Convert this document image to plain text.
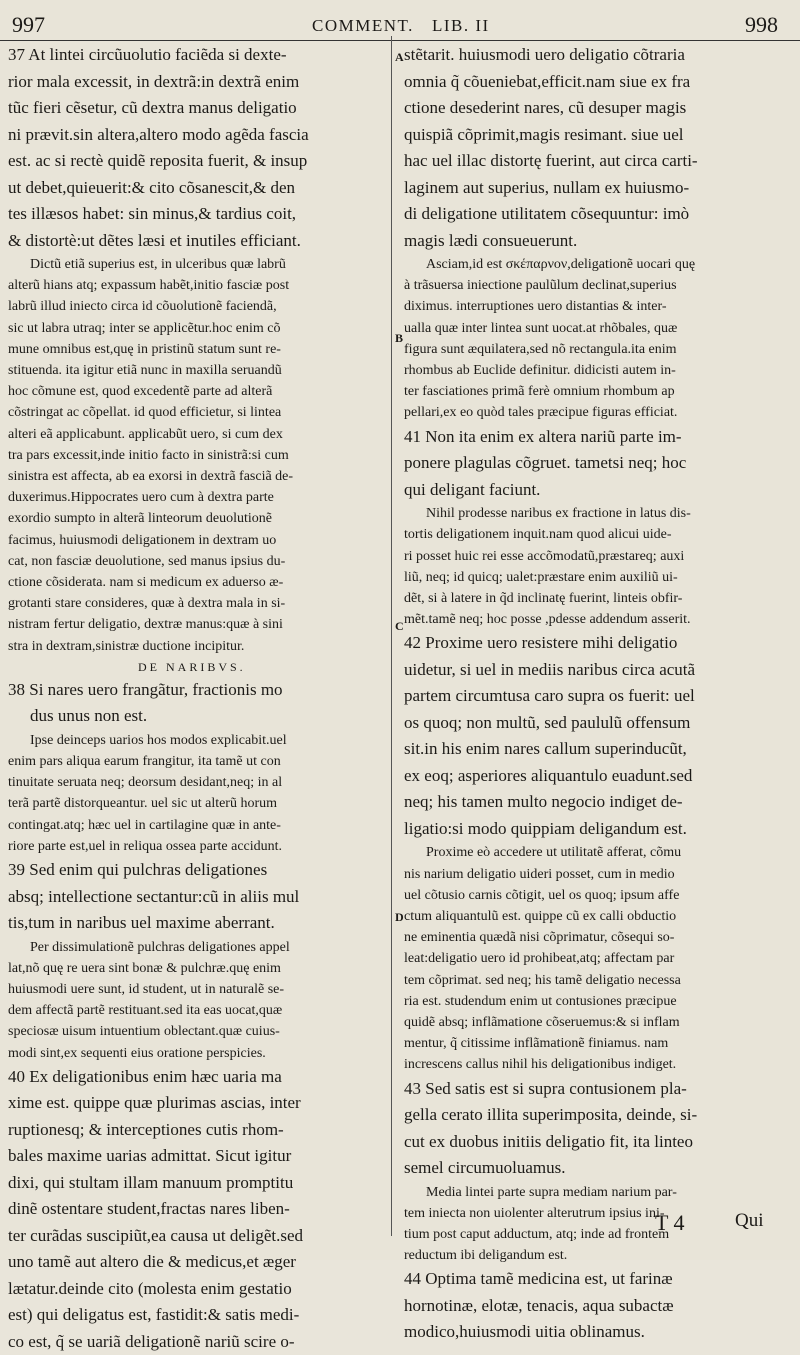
997	COMMENT. LIB. II	998
A
B
C
D
37 At lintei circũuolutio faciẽda si dexte-
rior mala excessit, in dextrã:in dextrã enim
tũc fieri cẽsetur, cũ dextra manus deligatio
ni prævit.sin altera,altero modo agẽda fascia
est. ac si rectè quidẽ reposita fuerit, & insup
ut debet,quieuerit:& cito cõsanescit,& den
tes illæsos habet: sin minus,& tardius coit,
& distortè:ut dẽtes læsi et inutiles efficiant.
Dictũ etiã superius est, in ulceribus quæ labrũ
alterũ hians atq; expassum habẽt,initio fasciæ post
labrũ illud iniecto circa id cõuolutionẽ faciendã,
sic ut labra utraq; inter se applicẽtur.hoc enim cõ
mune omnibus est,quę in pristinũ statum sunt re-
stituenda. ita igitur etiã nunc in maxilla seruandũ
hoc cõmune est, quod excedentẽ parte ad alterã
cõstringat ac cõpellat. id quod efficietur, si lintea
alteri eã applicabunt. applicabũt uero, si cum dex
tra pars excessit,inde initio facto in sinistrã:si cum
sinistra est affecta, ab ea exorsi in dextrã fasciã de-
duxerimus.Hippocrates uero cum à dextra parte
exordio sumpto in alterã linteorum deuolutionẽ
facimus, huiusmodi deligationem in dextram uo
cat, non fasciæ deuolutione, sed manus ipsius du-
ctione cõsiderata. nam si medicum ex aduerso æ-
grotanti stare consideres, quæ à dextra mala in si-
nistram fertur deligatio, dextræ manus:quæ à sini
stra in dextram,sinistræ ductione incipitur.
DE NARIBVS.
38 Si nares uero frangãtur, fractionis mo
dus unus non est.
Ipse deinceps uarios hos modos explicabit.uel
enim pars aliqua earum frangitur, ita tamẽ ut con
tinuitate seruata neq; deorsum desidant,neq; in al
terã partẽ distorqueantur. uel sic ut alterũ horum
contingat.atq; hæc uel in cartilagine quæ in ante-
riore parte est,uel in reliqua ossea parte accidunt.
39 Sed enim qui pulchras deligationes
absq; intellectione sectantur:cũ in aliis mul
tis,tum in naribus uel maxime aberrant.
Per dissimulationẽ pulchras deligationes appel
lat,nõ quę re uera sint bonæ & pulchræ.quę enim
huiusmodi uere sunt, id student, ut in naturalẽ se-
dem affectã partẽ restituant.sed ita eas uocat,quæ
speciosæ uisum intuentium oblectant.quæ cuius-
modi sint,ex sequenti eius oratione perspicies.
40 Ex deligationibus enim hæc uaria ma
xime est. quippe quæ plurimas ascias, inter
ruptionesq; & interceptiones cutis rhom-
bales maxime uarias admittat. Sicut igitur
dixi, qui stultam illam manuum promptitu
dinẽ ostentare student,fractas nares liben-
ter curãdas suscipiũt,ea causa ut deligẽt.sed
uno tamẽ aut altero die & medicus,et æger
lætatur.deinde cito (molesta enim gestatio
est) qui deligatus est, fastidit:& satis medi-
co est, q̃ se uariã deligationẽ nariũ scire o-
stẽtarit. huiusmodi uero deligatio cõtraria
omnia q̃ cõueniebat,efficit.nam siue ex fra
ctione desederint nares, cũ desuper magis
quispiã cõprimit,magis resimant. siue uel
hac uel illac distortę fuerint, aut circa carti-
laginem aut superius, nullam ex huiusmo-
di deligatione utilitatem cõsequuntur: imò
magis lædi consueuerunt.
Asciam,id est σκέπαρνον,deligationẽ uocari quę
à trãsuersa iniectione paulũlum declinat,superius
diximus. interruptiones uero distantias & inter-
ualla quæ inter lintea sunt uocat.at rhõbales, quæ
figura sunt æquilatera,sed nõ rectangula.ita enim
rhombus ab Euclide definitur. didicisti autem in-
ter fasciationes primã ferè omnium rhombum ap
pellari,ex eo quòd tales præcipue figuras efficiat.
41 Non ita enim ex altera nariũ parte im-
ponere plagulas cõgruet. tametsi neq; hoc
qui deligant faciunt.
Nihil prodesse naribus ex fractione in latus dis-
tortis deligationem inquit.nam quod alicui uide-
ri posset huic rei esse accõmodatũ,præstareq; auxi
liũ, neq; id quicq; ualet:præstare enim auxiliũ ui-
dẽt, si à latere in q̃d inclinatę fuerint, linteis obfir-
mẽt.tamẽ neq; hoc posse ,pdesse addendum asserit.
42 Proxime uero resistere mihi deligatio
uidetur, si uel in mediis naribus circa acutã
partem circumtusa caro supra os fuerit: uel
os quoq; non multũ, sed paululũ offensum
sit.in his enim nares callum superinducũt,
ex eoq; asperiores aliquantulo euadunt.sed
neq; his tamen multo negocio indiget de-
ligatio:si modo quippiam deligandum est.
Proxime eò accedere ut utilitatẽ afferat, cõmu
nis narium deligatio uideri posset, cum in medio
uel cõtusio carnis cõtigit, uel os quoq; ipsum affe
ctum aliquantulũ est. quippe cũ ex calli obductio
ne eminentia quædã nisi cõprimatur, cõsequi so-
leat:deligatio uero id prohibeat,atq; affectam par
tem cõprimat. sed neq; his tamẽ deligatio necessa
ria est. studendum enim ut contusiones præcipue
quidẽ absq; inflãmatione cõseruemus:& si inflam
mentur, q̃ citissime inflãmationẽ finiamus. nam
increscens callus nihil his deligationibus indiget.
43 Sed satis est si supra contusionem pla-
gella cerato illita superimposita, deinde, si-
cut ex duobus initiis deligatio fit, ita linteo
semel circumuoluamus.
Media lintei parte supra mediam narium par-
tem iniecta non uiolenter alterutrum ipsius ini-
tium post caput adductum, atq; inde ad frontem
reductum ibi deligandum est.
44 Optima tamẽ medicina est, ut farinæ
hornotinæ, elotæ, tenacis, aqua subactæ
modico,huiusmodi uitia oblinamus.
T 4	Qui
